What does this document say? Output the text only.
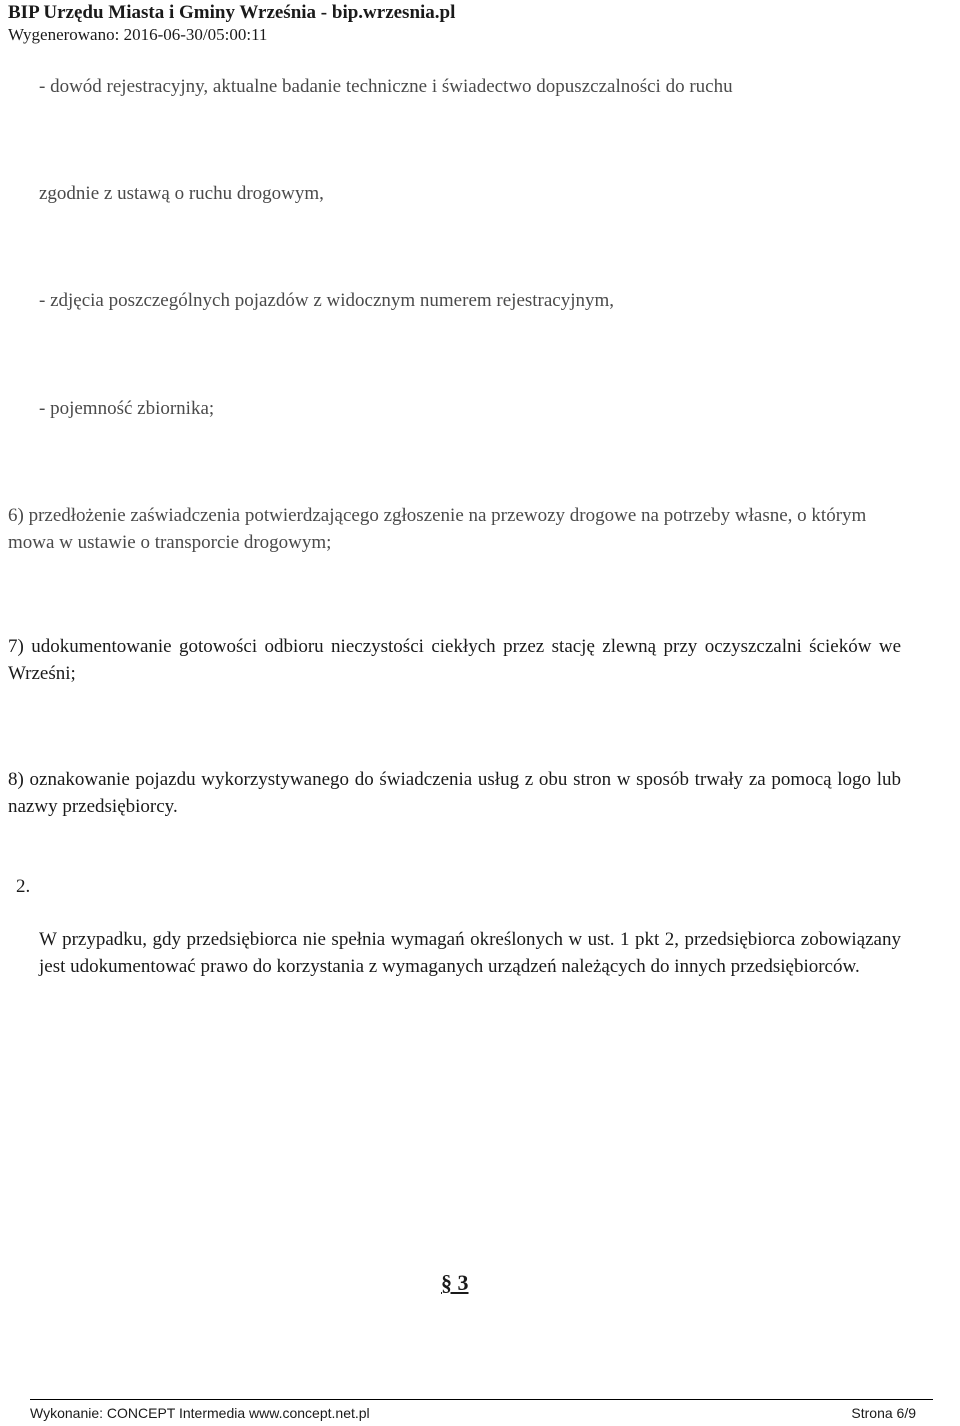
BIP Urzędu Miasta i Gminy Września - bip.wrzesnia.pl
Wygenerowano: 2016-06-30/05:00:11
- dowód rejestracyjny, aktualne badanie techniczne i świadectwo dopuszczalności do ruchu
zgodnie z ustawą o ruchu drogowym,
- zdjęcia poszczególnych pojazdów z widocznym numerem rejestracyjnym,
- pojemność zbiornika;
6) przedłożenie zaświadczenia potwierdzającego zgłoszenie na przewozy drogowe na potrzeby własne, o którym mowa w ustawie o transporcie drogowym;
7) udokumentowanie gotowości odbioru nieczystości ciekłych przez stację zlewną przy oczyszczalni ścieków we Wrześni;
8) oznakowanie pojazdu wykorzystywanego do świadczenia usług z obu stron w sposób trwały za pomocą logo lub nazwy przedsiębiorcy.
2.
W przypadku, gdy przedsiębiorca nie spełnia wymagań określonych w ust. 1 pkt 2, przedsiębiorca zobowiązany jest udokumentować prawo do korzystania z wymaganych urządzeń należących do innych przedsiębiorców.
§ 3
Wykonanie: CONCEPT Intermedia www.concept.net.pl	Strona 6/9
